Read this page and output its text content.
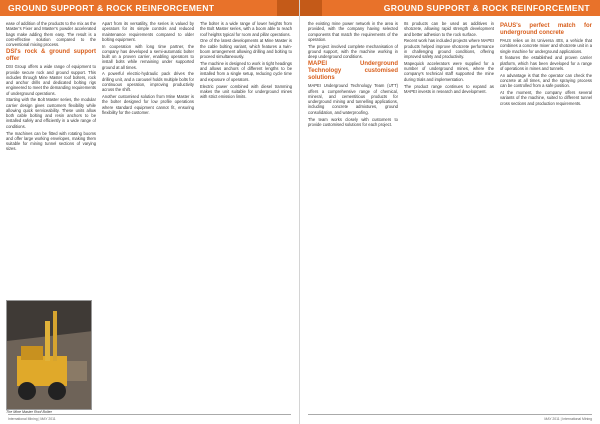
GROUND SUPPORT & ROCK REINFORCEMENT

ease of addition of the products to the mix as the Master‘s Fixer and Master’s powder accelerated bags make adding them easy. The result is a cost-effective solution compared to the conventional mixing process.

DSI's rock & ground support offer

DSI Group offers a wide range of equipment to provide secure rock and ground support. This includes through Mine Master roof bolters, rock and anchor drills and dedicated bolting rigs engineered to meet the demanding requirements of underground operations.

Starting with the Bolt Master series, the modular carrier design gives customers flexibility while allowing quick serviceability. These units allow both cable bolting and resin anchors to be installed safely and efficiently in a wide range of conditions.

The machines can be fitted with rotating booms and offer large working envelopes, making them suitable for mining tunnel sections of varying sizes.

The Mine Master Roof Bolter

Apart from its versatility, the series is valued by operators for its simple controls and reduced maintenance requirements compared to older bolting equipment.

In cooperation with long time partner, the company has developed a semi-automatic bolter built on a proven carrier, enabling operators to install bolts while remaining under supported ground at all times.

A powerful electric-hydraulic pack drives the drilling unit, and a carousel holds multiple bolts for continuous operation, improving productivity across the shift.

Another customised solution from Mine Master is the bolter designed for low profile operations where standard equipment cannot fit, ensuring flexibility for the customer.

The bolter is a wide range of lower heights from the Bolt Master series, with a boom able to reach roof heights typical for room and pillar operations.

One of the latest developments at Mine Master is the cable bolting variant, which features a twin-boom arrangement allowing drilling and bolting to proceed simultaneously.

The machine is designed to work in tight headings and allows anchors of different lengths to be installed from a single setup, reducing cycle time and exposure of operators.

Electric power combined with diesel tramming makes the unit suitable for underground mines with strict emission limits.

International Mining | MAY 2011
GROUND SUPPORT & ROCK REINFORCEMENT

the existing mine power network in the area is provided, with the company having selected components that match the requirements of the operation.

The project involved complete mechanisation of ground support, with the machine working in deep underground conditions.

MAPEI Underground Technology customised solutions

MAPEI Underground Technology Team (UTT) offers a comprehensive range of chemical, mineral, and cementitious products for underground mining and tunnelling applications, including concrete admixtures, ground consolidation, and waterproofing.

The team works closely with customers to provide customised solutions for each project.

Its products can be used as additives in shotcrete, allowing rapid strength development and better adhesion to the rock surface.

Recent work has included projects where MAPEI products helped improve shotcrete performance in challenging ground conditions, offering improved safety and productivity.

Mapequick accelerators were supplied for a number of underground mines, where the company's technical staff supported the mine during trials and implementation.

The product range continues to expand as MAPEI invests in research and development.

PAUS's perfect match for underground concrete

PAUS relies on its Universa 40S, a vehicle that combines a concrete mixer and shotcrete unit in a single machine for underground applications.

It features the established and proven carrier platform, which has been developed for a range of operations in mines and tunnels.

An advantage is that the operator can check the concrete at all times, and the spraying process can be controlled from a safe position.

At the moment, the company offers several variants of the machine, suited to different tunnel cross sections and production requirements.

MAY 2011 | International Mining
